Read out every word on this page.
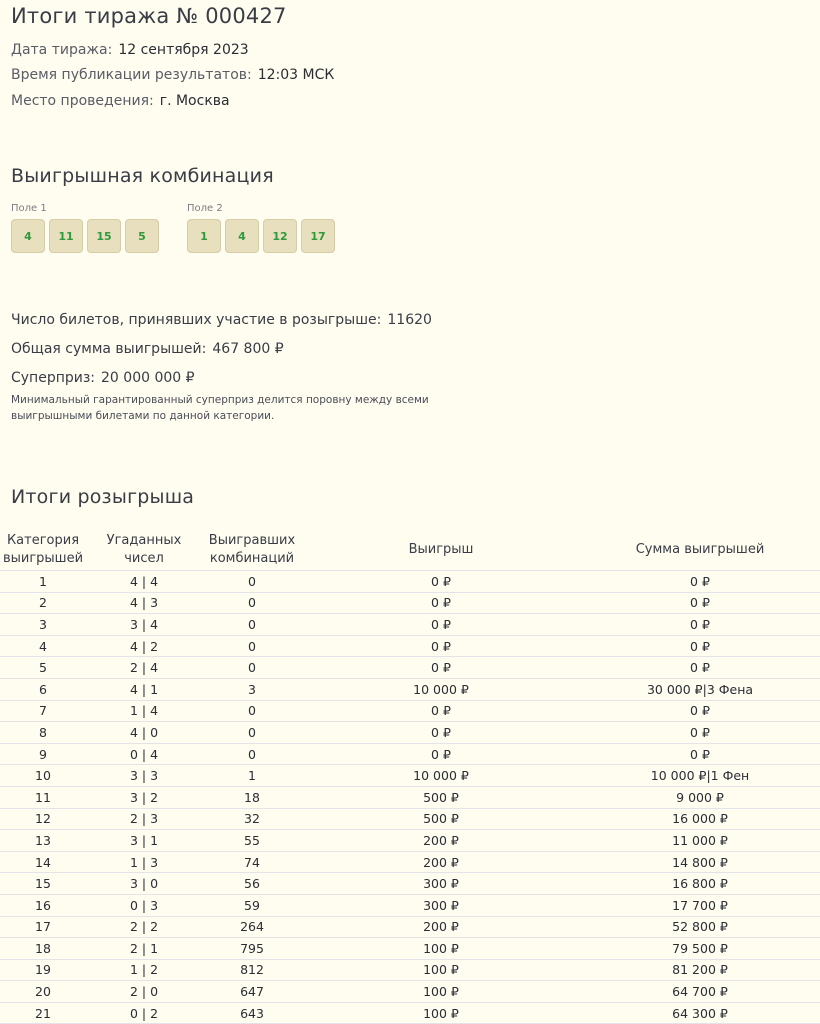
Итоги тиража № 000427
Дата тиража: 12 сентября 2023
Время публикации результатов: 12:03 МСК
Место проведения: г. Москва
Выигрышная комбинация
Поле 1
4	11	15	5
Поле 2
1	4	12	17
Число билетов, принявших участие в розыгрыше: 11620
Общая сумма выигрышей: 467 800 ₽
Суперприз: 20 000 000 ₽
Минимальный гарантированный суперприз делится поровну между всеми выигрышными билетами по данной категории.
Итоги розыгрыша
Категория выигрышей	Угаданных чисел	Выигравших комбинаций	Выигрыш	Сумма выигрышей
1	4 | 4	0	0 ₽	0 ₽
2	4 | 3	0	0 ₽	0 ₽
3	3 | 4	0	0 ₽	0 ₽
4	4 | 2	0	0 ₽	0 ₽
5	2 | 4	0	0 ₽	0 ₽
6	4 | 1	3	10 000 ₽	30 000 ₽|3 Фена
7	1 | 4	0	0 ₽	0 ₽
8	4 | 0	0	0 ₽	0 ₽
9	0 | 4	0	0 ₽	0 ₽
10	3 | 3	1	10 000 ₽	10 000 ₽|1 Фен
11	3 | 2	18	500 ₽	9 000 ₽
12	2 | 3	32	500 ₽	16 000 ₽
13	3 | 1	55	200 ₽	11 000 ₽
14	1 | 3	74	200 ₽	14 800 ₽
15	3 | 0	56	300 ₽	16 800 ₽
16	0 | 3	59	300 ₽	17 700 ₽
17	2 | 2	264	200 ₽	52 800 ₽
18	2 | 1	795	100 ₽	79 500 ₽
19	1 | 2	812	100 ₽	81 200 ₽
20	2 | 0	647	100 ₽	64 700 ₽
21	0 | 2	643	100 ₽	64 300 ₽
